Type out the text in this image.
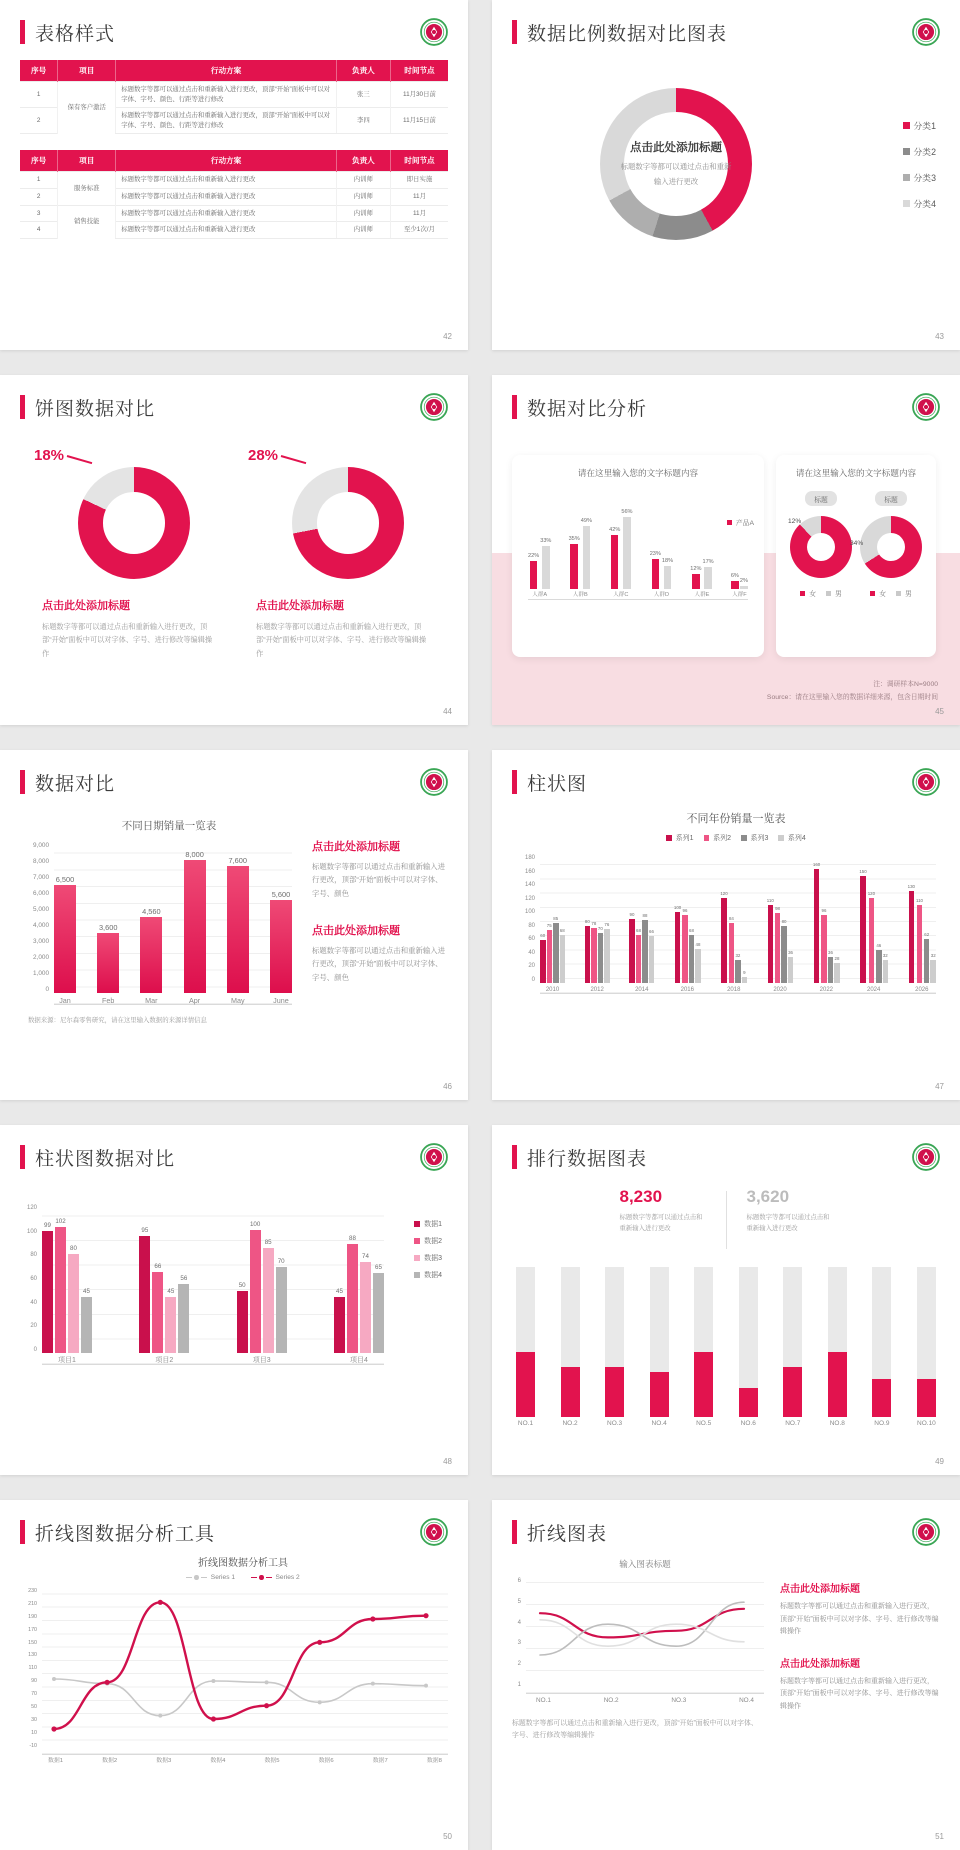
表格样式
序号	项目	行动方案	负责人	时间节点
1	保有客户激活	标题数字等都可以通过点击和重新输入进行更改，顶部“开始”面板中可以对字体、字号、颜色、行距等进行修改	张三	11月30日前
2		标题数字等都可以通过点击和重新输入进行更改，顶部“开始”面板中可以对字体、字号、颜色、行距等进行修改	李四	11月15日前
序号	项目	行动方案	负责人	时间节点
1	服务标准	标题数字等都可以通过点击和重新输入进行更改	内训师	即日实施
2		标题数字等都可以通过点击和重新输入进行更改	内训师	11月
3	销售技能	标题数字等都可以通过点击和重新输入进行更改	内训师	11月
4		标题数字等都可以通过点击和重新输入进行更改	内训师	至少1次/月
42
数据比例数据对比图表
点击此处添加标题
标题数字等都可以通过点击和重新输入进行更改
分类1
分类2
分类3
分类4
43
饼图数据对比
18%
点击此处添加标题
标题数字等都可以通过点击和重新输入进行更改，顶部“开始”面板中可以对字体、字号、进行修改等编辑操作
28%
点击此处添加标题
标题数字等都可以通过点击和重新输入进行更改，顶部“开始”面板中可以对字体、字号、进行修改等编辑操作
44
数据对比分析
请在这里输入您的文字标题内容
产品A
22%
33%
人群A
35%
49%
人群B
42%
56%
人群C
23%
18%
人群D
12%
17%
人群E
6%
2%
人群F
请在这里输入您的文字标题内容
标题	标题
12%
34%
女
	男	女
	男
注：调研样本N=9000
Source：请在这里输入您的数据详细来源，包含日期时间
45
数据对比
不同日期销量一览表
9,000
8,000
7,000
6,000
5,000
4,000
3,000
2,000
1,000
0
6,500
Jan
3,600
Feb
4,560
Mar
8,000
Apr
7,600
May
5,600
June
数据来源：尼尔森零售研究，请在这里输入数据的来源详情信息
点击此处添加标题
标题数字等都可以通过点击和重新输入进行更改，顶部“开始”面板中可以对字体、字号、颜色
点击此处添加标题
标题数字等都可以通过点击和重新输入进行更改，顶部“开始”面板中可以对字体、字号、颜色
46
柱状图
不同年份销量一览表
系列1	系列2	系列3	系列4
180
160
140
120
100
80
60
40
20
0
60
75
85
68
2010
80 78
70
76
2012
90
68
88
66
2014
100
96
68
48
2016
120
84
32
9
2018
110
98
80
36
2020
160
96
36
28
2022
150
120
46
32
2024
130
110
62
32
2026
47
柱状图数据对比
120
100
80
60
40
20
0
99
102
80
45
项目1
95
66
45
56
项目2
50
100
85
70
项目3
45
88
74
65
项目4
数据1
数据2
数据3
数据4
48
排行数据图表
8,230
标题数字等都可以通过点击和重新输入进行更改
3,620
标题数字等都可以通过点击和重新输入进行更改
NO.1	NO.2	NO.3	NO.4	NO.5	NO.6	NO.7	NO.8	NO.9	NO.10
49
折线图数据分析工具
折线图数据分析工具
Series 1	Series 2
230
210
190
170
150
130
110
90
70
50
30
10
-10
数据1	数据2	数据3	数据4	数据5	数据6	数据7	数据8
50
折线图表
输入图表标题
6
5
4
3
2
1
NO.1	NO.2	NO.3	NO.4
标题数字等都可以通过点击和重新输入进行更改，顶部“开始”面板中可以对字体、字号、进行修改等编辑操作
点击此处添加标题
标题数字等都可以通过点击和重新输入进行更改，顶部“开始”面板中可以对字体、字号、进行修改等编辑操作
点击此处添加标题
标题数字等都可以通过点击和重新输入进行更改，顶部“开始”面板中可以对字体、字号、进行修改等编辑操作
51
